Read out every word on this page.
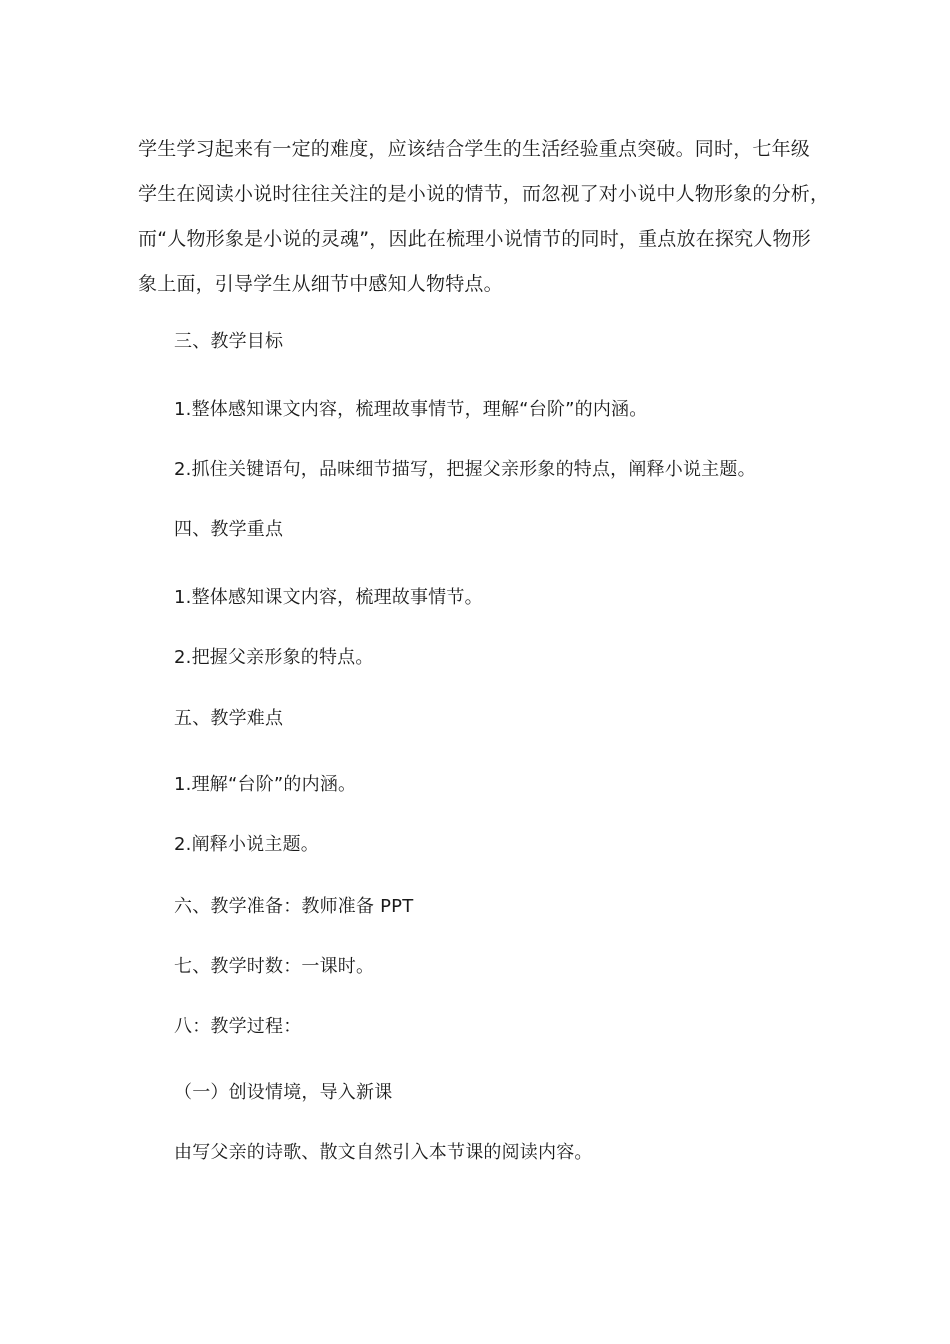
学生学习起来有一定的难度，应该结合学生的生活经验重点突破。同时，七年级
学生在阅读小说时往往关注的是小说的情节，而忽视了对小说中人物形象的分析，
而“人物形象是小说的灵魂”，因此在梳理小说情节的同时，重点放在探究人物形
象上面，引导学生从细节中感知人物特点。
三、教学目标
1.整体感知课文内容，梳理故事情节，理解“台阶”的内涵。
2.抓住关键语句，品味细节描写，把握父亲形象的特点，阐释小说主题。
四、教学重点
1.整体感知课文内容，梳理故事情节。
2.把握父亲形象的特点。
五、教学难点
1.理解“台阶”的内涵。
2.阐释小说主题。
六、教学准备：教师准备 PPT
七、教学时数：一课时。
八：教学过程：
（一）创设情境，导入新课
由写父亲的诗歌、散文自然引入本节课的阅读内容。
